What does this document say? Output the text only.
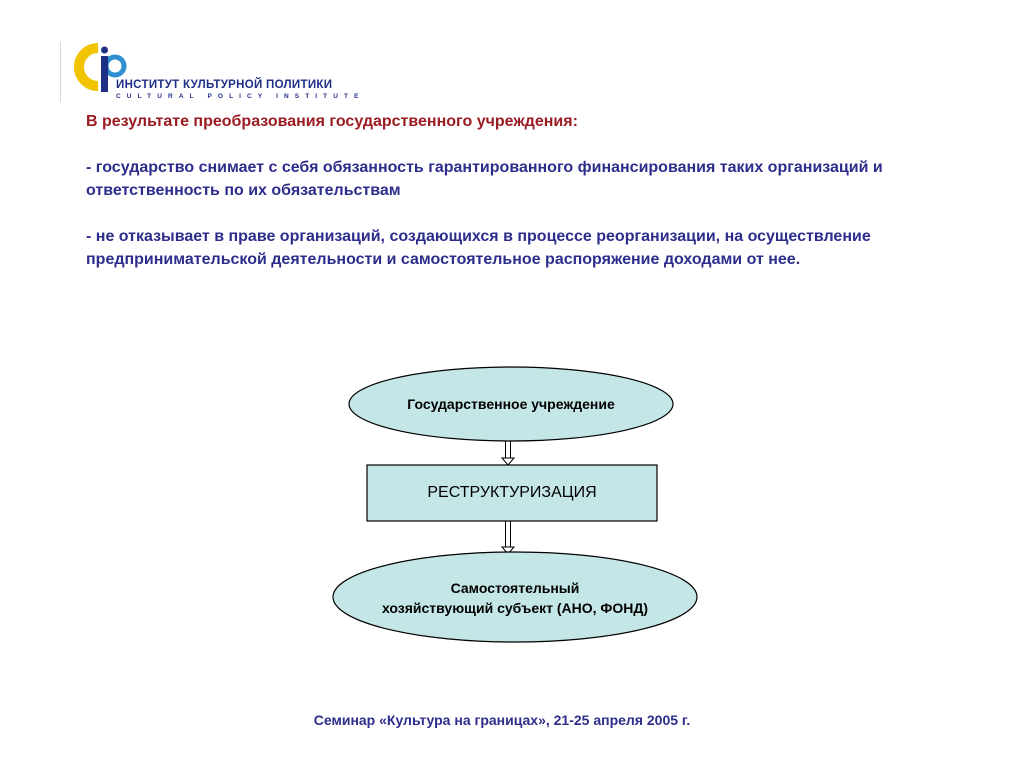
ИНСТИТУТ КУЛЬТУРНОЙ ПОЛИТИКИ
CULTURAL POLICY INSTITUTE

В результате преобразования государственного учреждения:

- государство снимает с себя обязанность гарантированного финансирования таких организаций и ответственность по их обязательствам

- не отказывает в праве организаций, создающихся в процессе реорганизации, на осуществление предпринимательской деятельности и самостоятельное распоряжение доходами от нее.

Государственное учреждение
РЕСТРУКТУРИЗАЦИЯ
Самостоятельный
хозяйствующий субъект (АНО, ФОНД)
Семинар «Культура на границах», 21-25 апреля 2005 г.
